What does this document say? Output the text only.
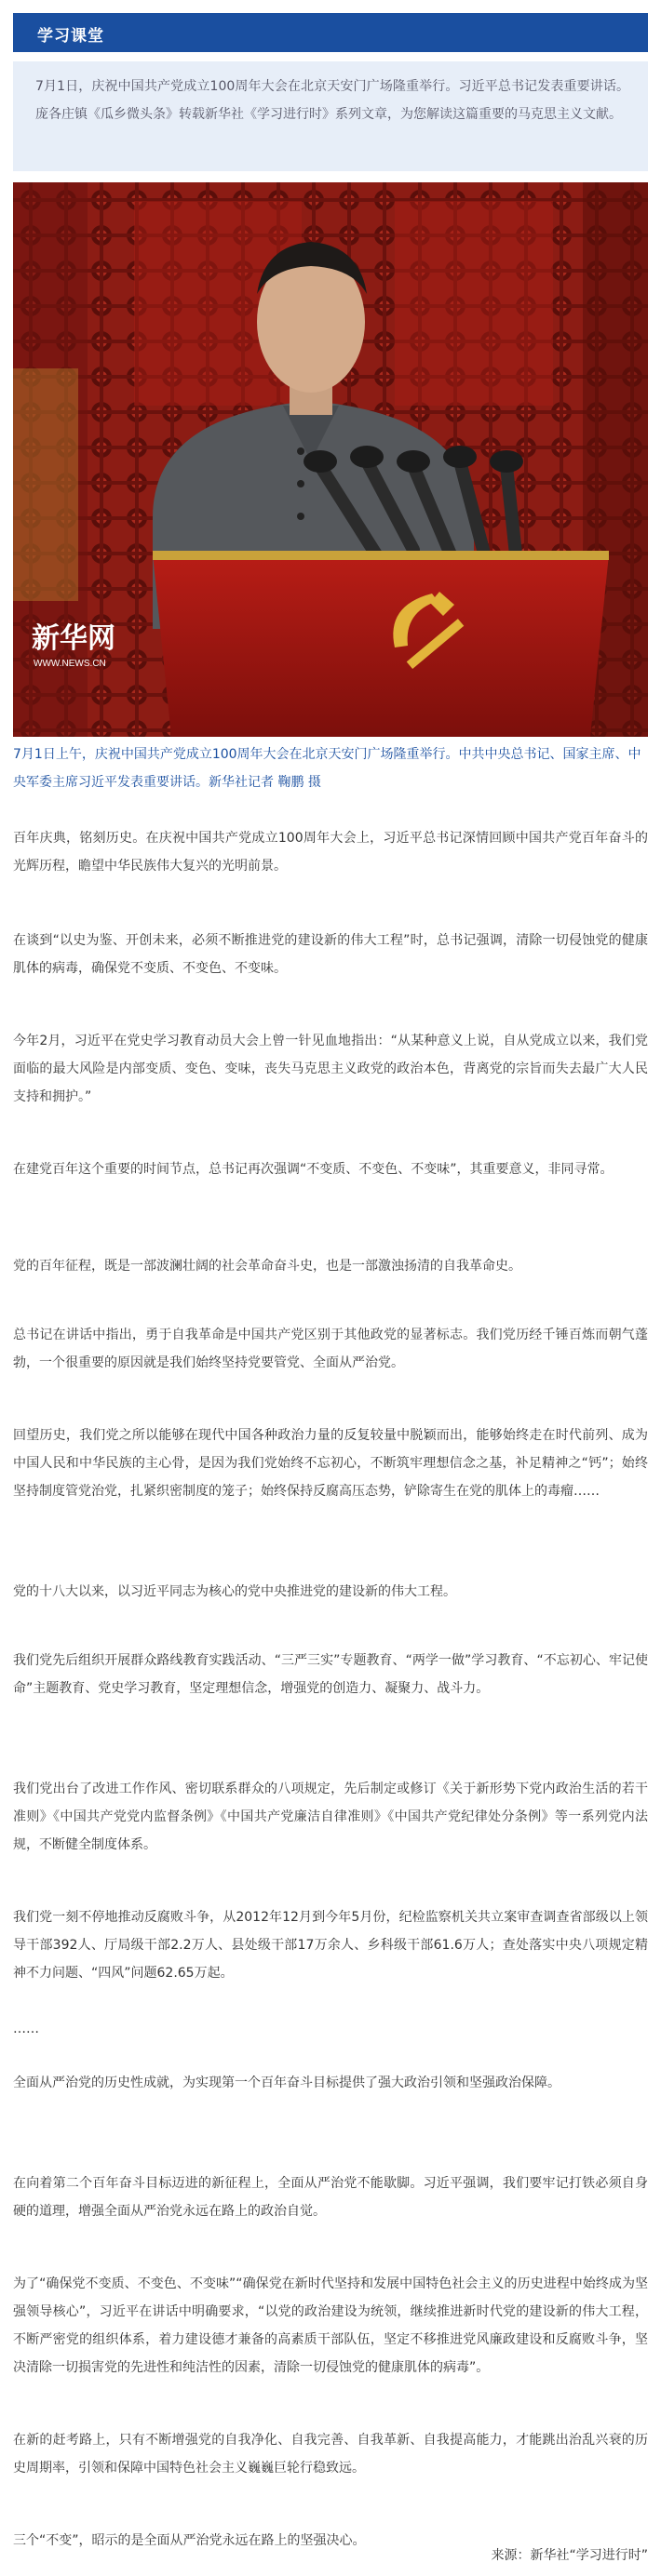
学习课堂
7月1日，庆祝中国共产党成立100周年大会在北京天安门广场隆重举行。习近平总书记发表重要讲话。庞各庄镇《瓜乡微头条》转载新华社《学习进行时》系列文章，为您解读这篇重要的马克思主义文献。
新华网
WWW.NEWS.CN
7月1日上午，庆祝中国共产党成立100周年大会在北京天安门广场隆重举行。中共中央总书记、国家主席、中央军委主席习近平发表重要讲话。新华社记者 鞠鹏 摄

百年庆典，铭刻历史。在庆祝中国共产党成立100周年大会上，习近平总书记深情回顾中国共产党百年奋斗的光辉历程，瞻望中华民族伟大复兴的光明前景。

在谈到“以史为鉴、开创未来，必须不断推进党的建设新的伟大工程”时，总书记强调，清除一切侵蚀党的健康肌体的病毒，确保党不变质、不变色、不变味。

今年2月，习近平在党史学习教育动员大会上曾一针见血地指出：“从某种意义上说，自从党成立以来，我们党面临的最大风险是内部变质、变色、变味，丧失马克思主义政党的政治本色，背离党的宗旨而失去最广大人民支持和拥护。”

在建党百年这个重要的时间节点，总书记再次强调“不变质、不变色、不变味”，其重要意义，非同寻常。

党的百年征程，既是一部波澜壮阔的社会革命奋斗史，也是一部激浊扬清的自我革命史。

总书记在讲话中指出，勇于自我革命是中国共产党区别于其他政党的显著标志。我们党历经千锤百炼而朝气蓬勃，一个很重要的原因就是我们始终坚持党要管党、全面从严治党。

回望历史，我们党之所以能够在现代中国各种政治力量的反复较量中脱颖而出，能够始终走在时代前列、成为中国人民和中华民族的主心骨，是因为我们党始终不忘初心，不断筑牢理想信念之基，补足精神之“钙”；始终坚持制度管党治党，扎紧织密制度的笼子；始终保持反腐高压态势，铲除寄生在党的肌体上的毒瘤……

党的十八大以来，以习近平同志为核心的党中央推进党的建设新的伟大工程。

我们党先后组织开展群众路线教育实践活动、“三严三实”专题教育、“两学一做”学习教育、“不忘初心、牢记使命”主题教育、党史学习教育，坚定理想信念，增强党的创造力、凝聚力、战斗力。

我们党出台了改进工作作风、密切联系群众的八项规定，先后制定或修订《关于新形势下党内政治生活的若干准则》《中国共产党党内监督条例》《中国共产党廉洁自律准则》《中国共产党纪律处分条例》等一系列党内法规，不断健全制度体系。

我们党一刻不停地推动反腐败斗争，从2012年12月到今年5月份，纪检监察机关共立案审查调查省部级以上领导干部392人、厅局级干部2.2万人、县处级干部17万余人、乡科级干部61.6万人；查处落实中央八项规定精神不力问题、“四风”问题62.65万起。

……

全面从严治党的历史性成就，为实现第一个百年奋斗目标提供了强大政治引领和坚强政治保障。

在向着第二个百年奋斗目标迈进的新征程上，全面从严治党不能歇脚。习近平强调，我们要牢记打铁必须自身硬的道理，增强全面从严治党永远在路上的政治自觉。

为了“确保党不变质、不变色、不变味”“确保党在新时代坚持和发展中国特色社会主义的历史进程中始终成为坚强领导核心”，习近平在讲话中明确要求，“以党的政治建设为统领，继续推进新时代党的建设新的伟大工程，不断严密党的组织体系，着力建设德才兼备的高素质干部队伍，坚定不移推进党风廉政建设和反腐败斗争，坚决清除一切损害党的先进性和纯洁性的因素，清除一切侵蚀党的健康肌体的病毒”。

在新的赶考路上，只有不断增强党的自我净化、自我完善、自我革新、自我提高能力，才能跳出治乱兴衰的历史周期率，引领和保障中国特色社会主义巍巍巨轮行稳致远。

三个“不变”，昭示的是全面从严治党永远在路上的坚强决心。

来源：新华社“学习进行时”
